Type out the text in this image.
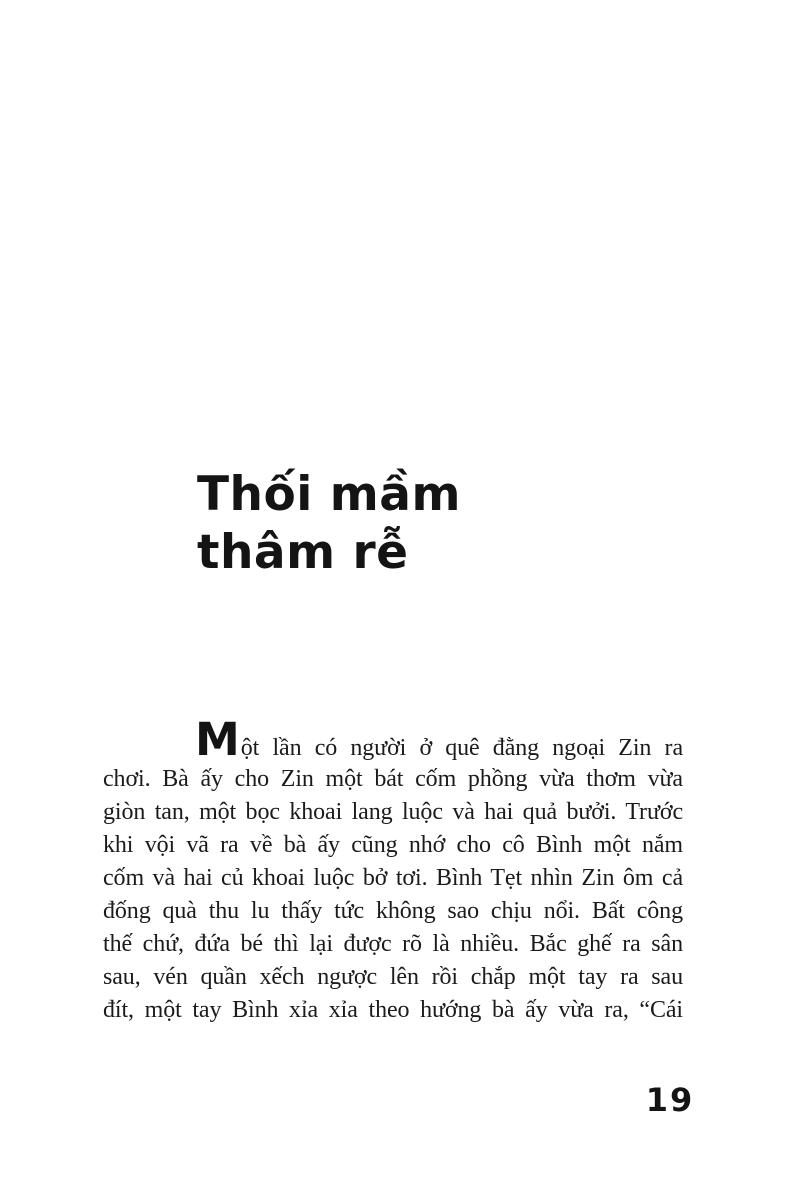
Thối mầm
thâm rễ
Một lần có người ở quê đằng ngoại Zin ra
chơi. Bà ấy cho Zin một bát cốm phồng vừa thơm vừa
giòn tan, một bọc khoai lang luộc và hai quả bưởi. Trước
khi vội vã ra về bà ấy cũng nhớ cho cô Bình một nắm
cốm và hai củ khoai luộc bở tơi. Bình Tẹt nhìn Zin ôm cả
đống quà thu lu thấy tức không sao chịu nổi. Bất công
thế chứ, đứa bé thì lại được rõ là nhiều. Bắc ghế ra sân
sau, vén quần xếch ngược lên rồi chắp một tay ra sau
đít, một tay Bình xỉa xỉa theo hướng bà ấy vừa ra, “Cái
19
